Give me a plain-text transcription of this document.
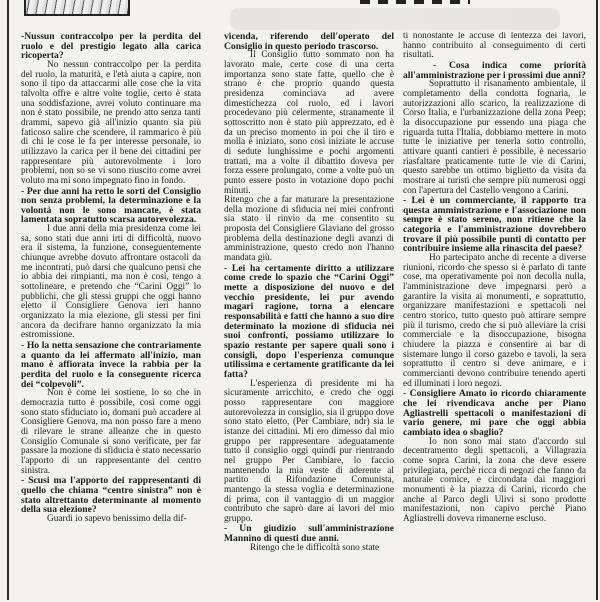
-Nussun contraccolpo per la perdita del ruolo e del prestigio legato alla carica ricoperta?

No nessun contraccolpo per la perdita del ruolo, la maturità, e l'età aiuta a capire, non sono il tipo da attaccarmi alle cose che la vita talvolta offre e altre volte toglie, certo è stata una soddisfazione, avrei voluto continuare ma non è stato possibile, ne prendo atto senza tanti drammi, sapevo già all'inizio quanto sia più faticoso salire che scendere, il rammarico è più di chi le cose le fa per interesse personale, io utilizzavo la carica per il bene dei cittadini per rappresentare più autorevolmente i loro problemi, non so se vi sono riuscito come avrei voluto ma mi sono impegnato fino in fondo.

- Per due anni ha retto le sorti del Consiglio non senza problemi, la determinazione e la volontà non le sono mancate, è stata lamentata sopratutto scarsa autorevolezza.

I due anni della mia presidenza come lei sa, sono stati due anni irti di difficoltà, nuovo era il sistema, la funzione, conseguentemente chiunque avrebbe dovuto affrontare ostacoli da me incontrati, può darsi che qualcuno pensi che io abbia dei rimpianti, ma non è così, tengo a sottolineare, e pretendo che “Carini Oggi” lo pubblichi, che gli stessi gruppi che oggi hanno eletto il Consigliere Genova ieri hanno organizzato la mia elezione, gli stessi per fini ancora da decifrare hanno organizzato la mia estromissione.

- Ho la netta sensazione che contrariamente a quanto da lei affermato all'inizio, man mano è affiorata invece la rabbia per la perdita del ruolo e la conseguente ricerca dei “colpevoli”.

Non è come lei sostiene, lo so che in democrazia tutto è possibile, così come oggi sono stato sfiduciato io, domani può accadere al Consigliere Genova, ma non posso fare a meno di rilevare le strane alleanze che in questo Consiglio Comunale si sono verificate, per far passare la mozione di sfiducia è stato necessario l'apporto di un rappresentante del centro sinistra.

- Scusi ma l'apporto dei rappresentanti di quello che chiama “centro sinistra” non è stato altrettanto determinante al momento della sua elezione?

Guardi io sapevo benissimo della dif-

vicenda, riferendo dell'operato del Consiglio in questo periodo trascorso.

Il Consiglio tutto sommato non ha lavorato male, certe cose di una certa importanza sono state fatte, quello che è strano è che proprio quando questa presidenza cominciava ad avere dimestichezza col ruolo, ed i lavori procedevano più celermente, stranamente il sottoscritto non è stato più apprezzato, ed è da un preciso momento in poi che il tiro e molla è iniziato, sono così iniziate le accuse di sedute lunghissime e pochi argomenti trattati, ma a volte il dibattito doveva per forza essere prolungato, come a volte può un punto essere posto in votazione dopo pochi minuti.

Ritengo che a far maturare la presentazione della mozione di sfiducia nei miei confronti sia stato il rinvio da me consentito su proposta del Consigliere Glaviano del grosso problema della destinazione degli avanzi di amministrazione, questo credo non l'hanno mandata giù.

- Lei ha certamente diritto a utilizzare come crede lo spazio che “Carini Oggi” mette a disposizione del nuovo e del vecchio presidente, lei pur avendo magari ragione, torna a elencare responsabilità e fatti che hanno a suo dire determinato la mozione di sfiducia nei suoi confronti, possiamo utilizzare lo spazio restante per sapere quali sono i consigli, dopo l'esperienza comunque utilissima e certamente gratificante da lei fatta?

L'esperienza di presidente mi ha sicuramente arricchito, e credo che oggi posso rappresentare con maggiore autorevolezza in consiglio, sia il gruppo dove sono stato eletto, (Per Cambiare, ndr) sia le istanze dei cittadini. Mi ero dimesso dal mio gruppo per rappresentare adeguatamente tutto il consiglio oggi quindi pur rientrando nel gruppo Per Cambiare, lo faccio mantenendo la mia veste di aderente al partito di Rifondazione Comunista, mantengo la stessa voglia e determinazione di prima, con il vantaggio di un maggior contributo che saprò dare ai lavori del mio gruppo.

- Un giudizio sull'amministrazione Mannino di questi due anni.

Ritengo che le difficoltà sono state

ti nonostante le accuse di lentezza dei lavori, hanno contribuito al conseguimento di certi risultati.

- Cosa indica come priorità all'amministrazione per i prossimi due anni?

Soprattutto il risanamento ambientale, il completamento della condotta fognaria, le autorizzazioni allo scarico, la realizzazione di Corso Italia, e l'urbanizzazione della zona Peep; la disoccupazione pur essendo una piaga che riguarda tutta l'Italia, dobbiamo mettere in moto tutte le iniziative per tenerla sotto controllo, attivare quanti cantieri è possibile, è necessario riasfaltare praticamente tutte le vie di Carini, questo sarebbe un ottimo biglietto da visita da mostrare ai turisti che sempre più numerosi oggi con l'apertura del Castello vengono a Carini.

- Lei è un commerciante, il rapporto tra questa amministrazione e l'associazione non sempre è stato sereno, non ritiene che la categoria e l'amministrazione dovrebbero trovare il più possibile punti di contatto per contribuire insieme alla rinascita del paese?

Ho partecipato anche di recente a diverse riunioni, ricordo che spesso si è parlato di tante cose, ma operativamente poi non decolla nulla, l'amministrazione deve impegnarsi però a garantire la visita ai monumenti, e soprattutto, organizzare manifestazioni e spettacoli nel centro storico, tutto questo può attirare sempre più il turismo, credo che si può alleviare la crisi commerciale e la disoccupazione, bisogna chiudere la piazza e consentire ai bar di sistemare lungo il corso gazebo e tavoli, la sera soprattutto il centro si deve animare, e i commercianti devono contribuire tenendo aperti ed illuminati i loro negozi.

- Consigliere Amato io ricordo chiaramente che lei rivendicava anche per Piano Agliastrelli spettacoli o manifestazioni di vario genere, mi pare che oggi abbia cambiato idea o sbaglio?

Io non sono mai stato d'accordo sul decentramento degli spettacoli, a Villagrazia come sopra Carini, la zona che deve essere privilegiata, perchè ricca di negozi che fanno da naturale cornice, e circondata dai maggiori monumenti è la piazza di Carini, ricordo che anche al Parco degli Ulivi si sono prodotte manifestazioni, non capivo perchè Piano Agliastrelli doveva rimanerne escluso.
